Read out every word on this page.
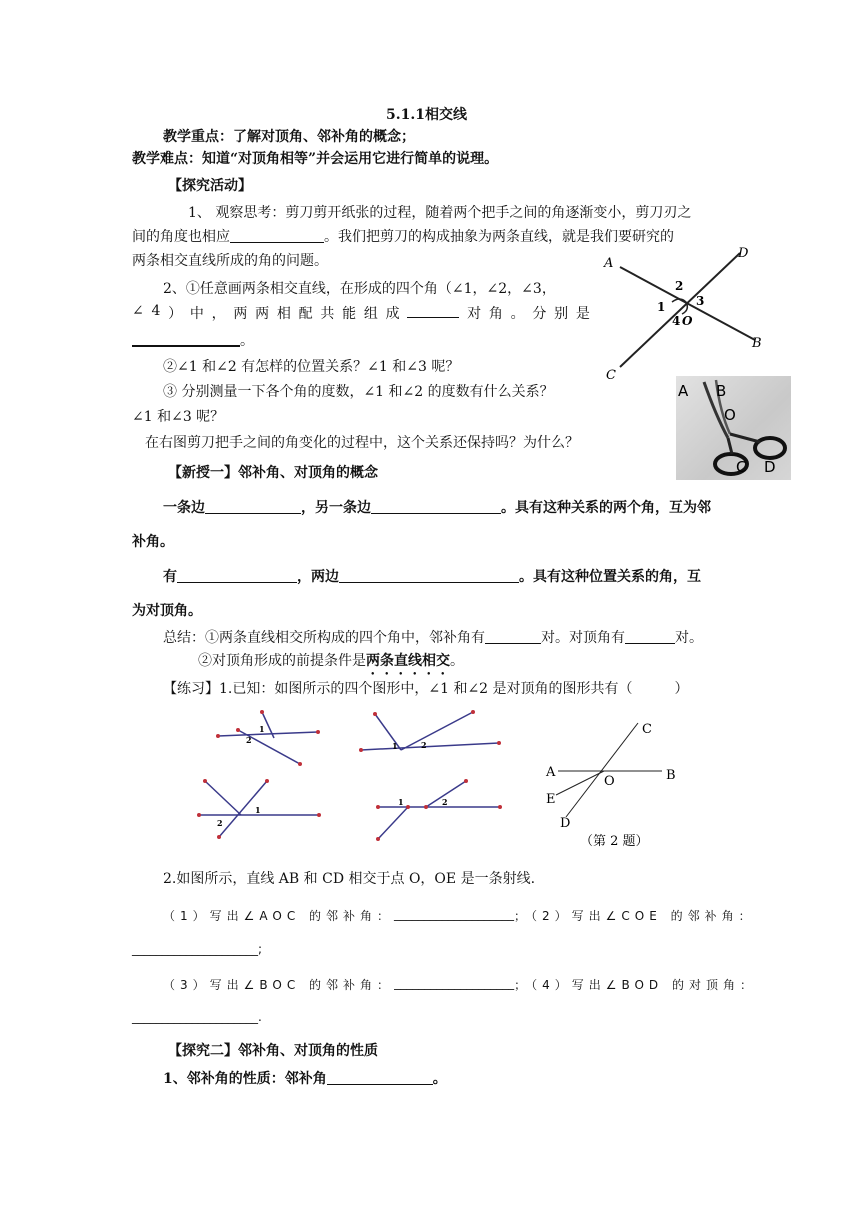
5.1.1相交线
教学重点：了解对顶角、邻补角的概念；
教学难点：知道“对顶角相等”并会运用它进行简单的说理。
【探究活动】
1、 观察思考：剪刀剪开纸张的过程，随着两个把手之间的角逐渐变小，剪刀刃之
间的角度也相应	。我们把剪刀的构成抽象为两条直线，就是我们要研究的
两条相交直线所成的角的问题。
2、①任意画两条相交直线，在形成的四个角（∠1，∠2，∠3，
∠ 4 ） 中 ， 两 两 相 配 共 能 组 成	对 角 。 分 别 是
。
②∠1 和∠2 有怎样的位置关系？∠1 和∠3 呢？
③ 分别测量一下各个角的度数，∠1 和∠2 的度数有什么关系？
∠1 和∠3 呢？
在右图剪刀把手之间的角变化的过程中，这个关系还保持吗？为什么？
A
D
B
C
2
1	3
4 O
A B
O
C D
【新授一】邻补角、对顶角的概念
一条边	，另一条边	。具有这种关系的两个角，互为邻
补角。
有	，两边	。具有这种位置关系的角，互
为对顶角。
总结：①两条直线相交所构成的四个角中，邻补角有	对。对顶角有	对。
②对顶角形成的前提条件是两条直线相交。
【练习】1.已知：如图所示的四个图形中，∠1 和∠2 是对顶角的图形共有（	）
1
2
1	2
1
2
1	2
C
A	B
O
E
D
（第 2 题）
2.如图所示，直线 AB 和 CD 相交于点 O，OE 是一条射线.
（1）写出∠AOC 的邻补角： ____________________ ；（2）写出∠COE 的邻补角：
_____________________;
（3）写出∠BOC 的邻补角： ____________________ ；（4）写出∠BOD 的对顶角：
_____________________.
【探究二】邻补角、对顶角的性质
1、邻补角的性质：邻补角	。
